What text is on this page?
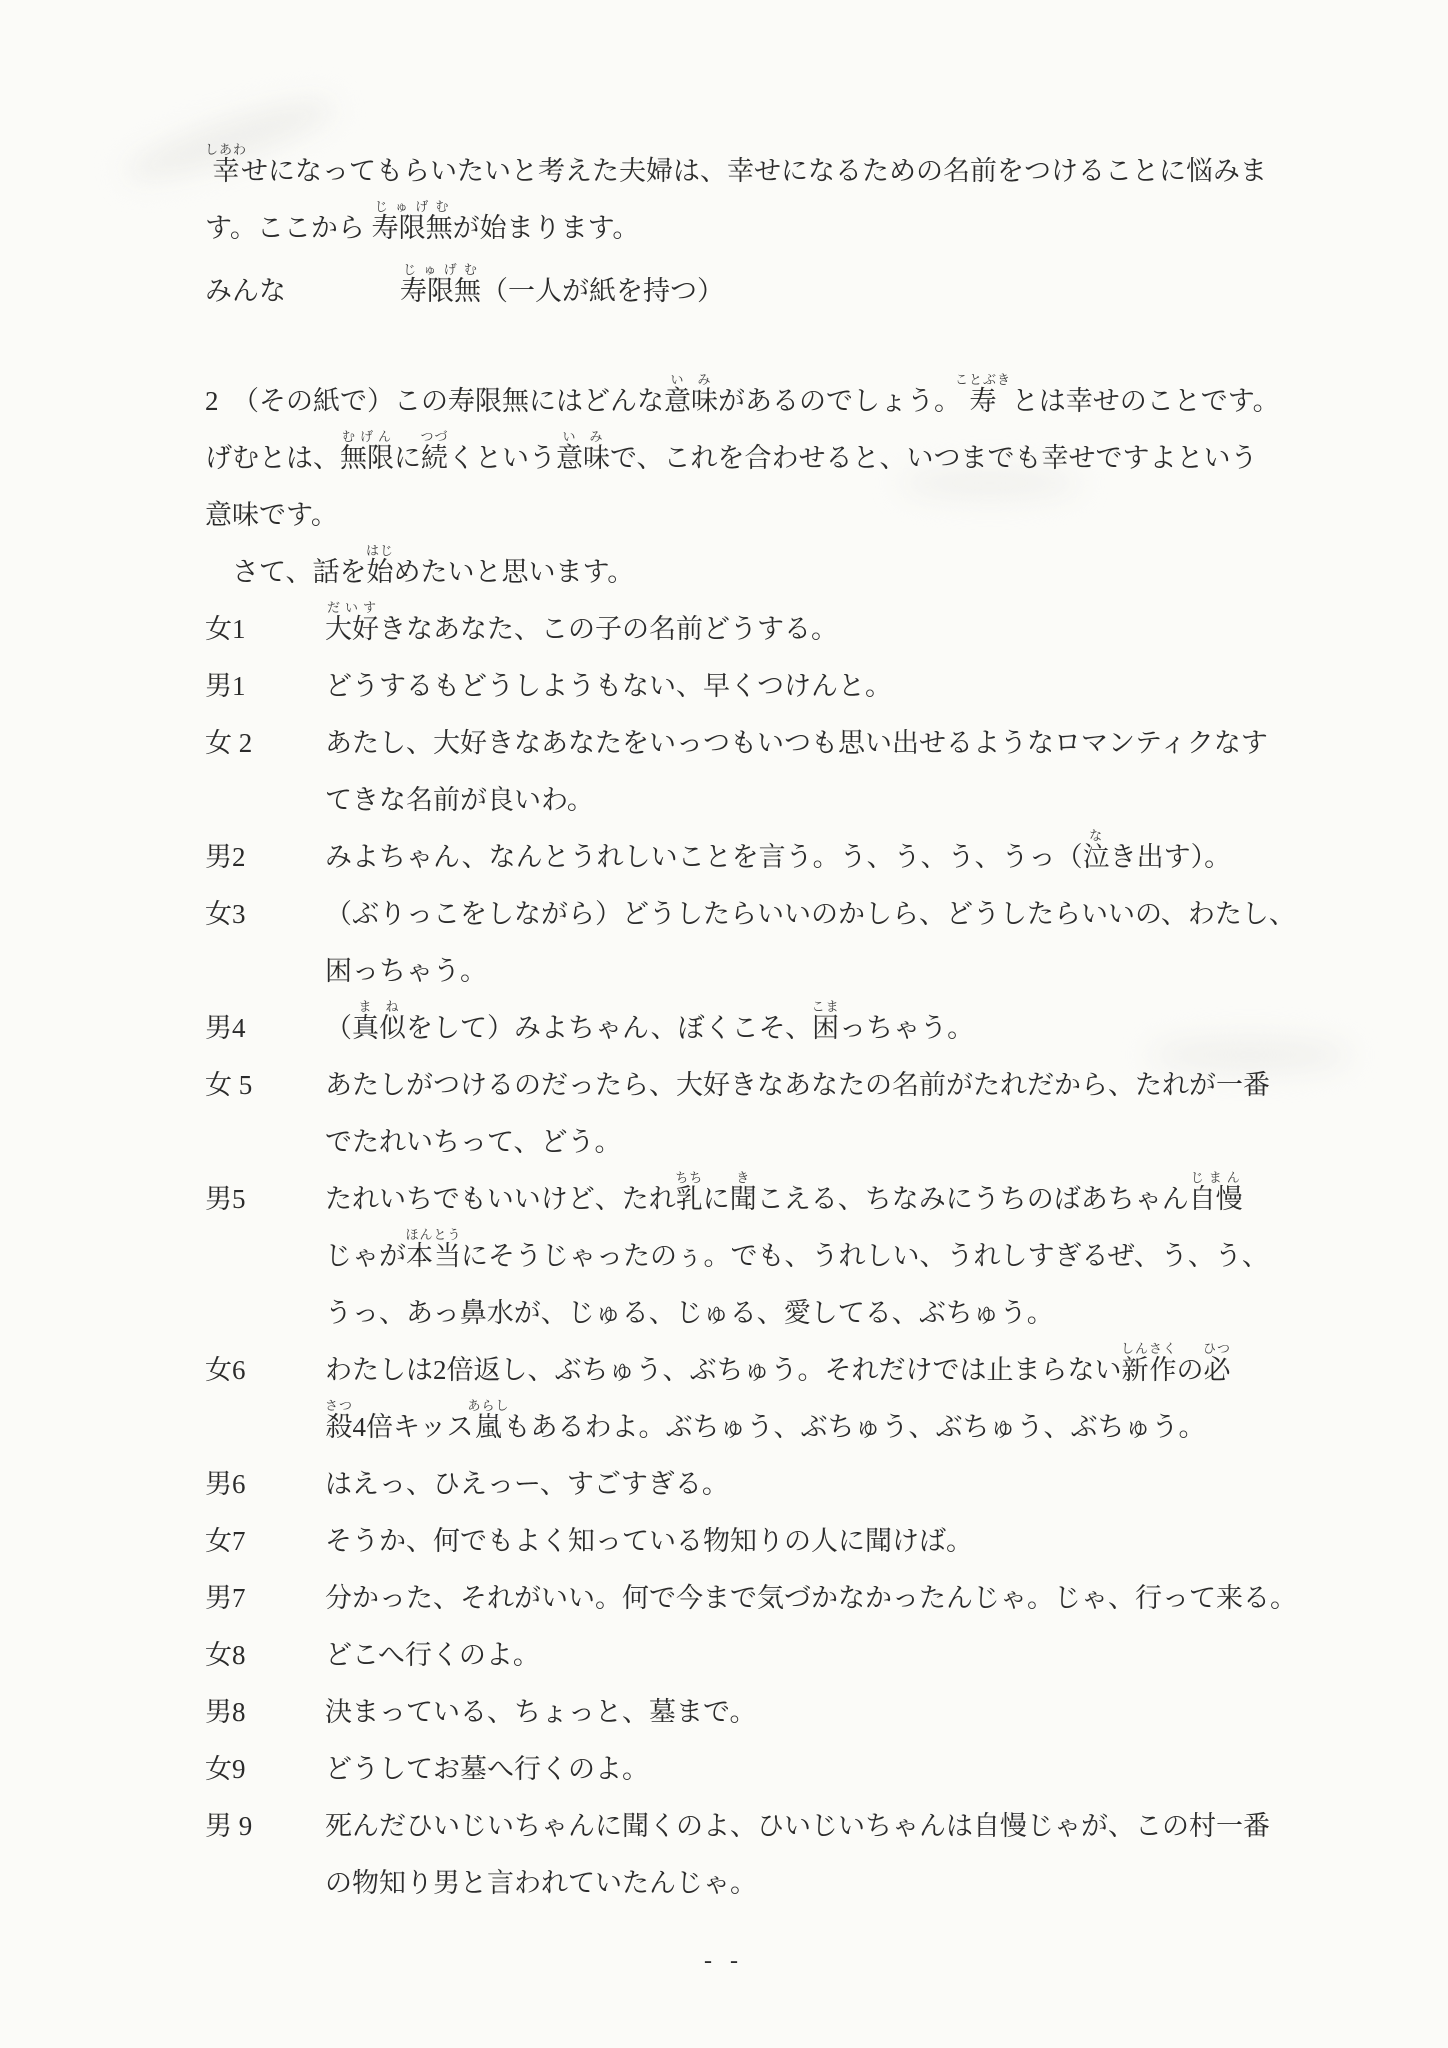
幸しあわせになってもらいたいと考えた夫婦は、幸せになるための名前をつけることに悩みま
す。ここから 寿限無じゅげむが始まります。
みんな	寿限無じゅげむ（一人が紙を持つ）
2　（その紙で）この寿限無にはどんな意味いみがあるのでしょう。寿ことぶき とは幸せのことです。
げむとは、無限むげんに続つづくという意味いみで、これを合わせると、いつまでも幸せですよという
意味です。
　さて、話を始はじめたいと思います。
女1	大好だいすきなあなた、この子の名前どうする。
男1	どうするもどうしようもない、早くつけんと。
女 2	あたし、大好きなあなたをいっつもいつも思い出せるようなロマンティクなす
てきな名前が良いわ。
男2	みよちゃん、なんとうれしいことを言う。う、う、う、うっ（泣なき出す）。
女3	（ぶりっこをしながら）どうしたらいいのかしら、どうしたらいいの、わたし、
困っちゃう。
男4	（真似まねをして）みよちゃん、ぼくこそ、困こまっちゃう。
女 5	あたしがつけるのだったら、大好きなあなたの名前がたれだから、たれが一番
でたれいちって、どう。
男5	たれいちでもいいけど、たれ乳ちちに聞きこえる、ちなみにうちのばあちゃん自慢じまん
じゃが本当ほんとうにそうじゃったのぅ。でも、うれしい、うれしすぎるぜ、う、う、
うっ、あっ鼻水が、じゅる、じゅる、愛してる、ぶちゅう。
女6	わたしは2倍返し、ぶちゅう、ぶちゅう。それだけでは止まらない新作しんさくの必ひつ
殺さつ4倍キッス嵐あらしもあるわよ。ぶちゅう、ぶちゅう、ぶちゅう、ぶちゅう。
男6	はえっ、ひえっー、すごすぎる。
女7	そうか、何でもよく知っている物知りの人に聞けば。
男7	分かった、それがいい。何で今まで気づかなかったんじゃ。じゃ、行って来る。
女8	どこへ行くのよ。
男8	決まっている、ちょっと、墓まで。
女9	どうしてお墓へ行くのよ。
男 9	死んだひいじいちゃんに聞くのよ、ひいじいちゃんは自慢じゃが、この村一番
の物知り男と言われていたんじゃ。
- -
